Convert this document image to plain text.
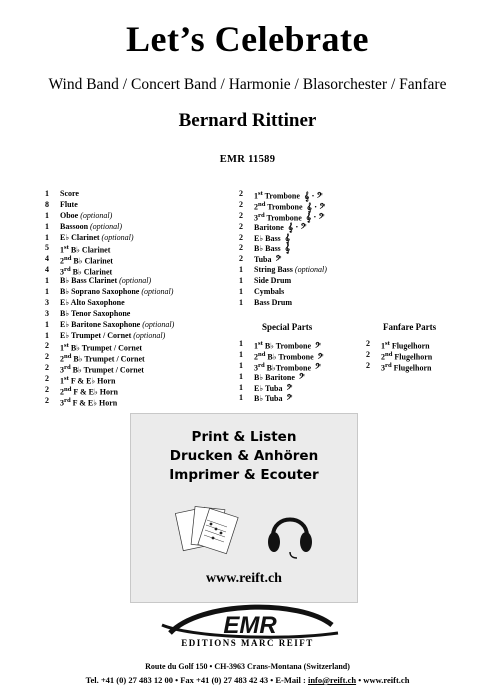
Let’s Celebrate
Wind Band / Concert Band / Harmonie / Blasorchester / Fanfare
Bernard Rittiner
EMR 11589
1	Score
8	Flute
1	Oboe (optional)
1	Bassoon (optional)
1	E♭ Clarinet (optional)
5	1st B♭ Clarinet
4	2nd B♭ Clarinet
4	3rd B♭ Clarinet
1	B♭ Bass Clarinet (optional)
1	B♭ Soprano Saxophone (optional)
3	E♭ Alto Saxophone
3	B♭ Tenor Saxophone
1	E♭ Baritone Saxophone (optional)
1	E♭ Trumpet / Cornet (optional)
2	1st B♭ Trumpet / Cornet
2	2nd B♭ Trumpet / Cornet
2	3rd B♭ Trumpet / Cornet
2	1st F & E♭ Horn
2	2nd F & E♭ Horn
2	3rd F & E♭ Horn
2	1st Trombone 𝄞 · 𝄢
2	2nd Trombone 𝄞 · 𝄢
2	3rd Trombone 𝄞 · 𝄢
2	Baritone 𝄞 · 𝄢
2	E♭ Bass 𝄞
2	B♭ Bass 𝄞
2	Tuba 𝄢
1	String Bass (optional)
1	Side Drum
1	Cymbals
1	Bass Drum
Special Parts
1	1st B♭ Trombone 𝄢
1	2nd B♭ Trombone 𝄢
1	3rd B♭Trombone 𝄢
1	B♭ Baritone 𝄢
1	E♭ Tuba 𝄢
1	B♭ Tuba 𝄢
Fanfare Parts
2	1st Flugelhorn
2	2nd Flugelhorn
2	3rd Flugelhorn
Print & Listen
Drucken & Anhören
Imprimer & Ecouter
www.reift.ch
EMR
EDITIONS MARC REIFT
Route du Golf 150 • CH-3963 Crans-Montana (Switzerland)
Tel. +41 (0) 27 483 12 00 • Fax +41 (0) 27 483 42 43 • E-Mail : info@reift.ch • www.reift.ch
